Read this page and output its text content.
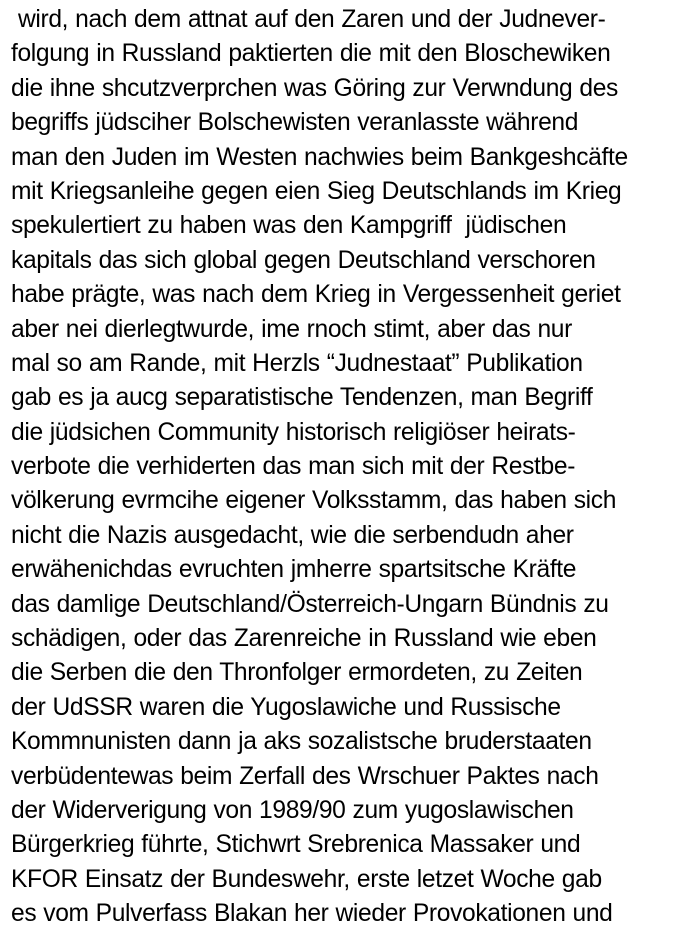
wird, nach dem attnat auf den Zaren und der Judnever-
folgung in Russland paktierten die mit den Bloschewiken
die ihne shcutzverprchen was Göring zur Verwndung des
begriffs jüdsciher Bolschewisten veranlasste während
man den Juden im Westen nachwies beim Bankgeshcäfte
mit Kriegsanleihe gegen eien Sieg Deutschlands im Krieg
spekulertiert zu haben was den Kampgriff  jüdischen
kapitals das sich global gegen Deutschland verschoren
habe prägte, was nach dem Krieg in Vergessenheit geriet
aber nei dierlegtwurde, ime rnoch stimt, aber das nur
mal so am Rande, mit Herzls “Judnestaat” Publikation
gab es ja aucg separatistische Tendenzen, man Begriff
die jüdsichen Community historisch religiöser heirats-
verbote die verhiderten das man sich mit der Restbe-
völkerung evrmcihe eigener Volksstamm, das haben sich
nicht die Nazis ausgedacht, wie die serbendudn aher
erwähenichdas evruchten jmherre spartsitsche Kräfte
das damlige Deutschland/Österreich-Ungarn Bündnis zu
schädigen, oder das Zarenreiche in Russland wie eben
die Serben die den Thronfolger ermordeten, zu Zeiten
der UdSSR waren die Yugoslawiche und Russische
Kommnunisten dann ja aks sozalistsche bruderstaaten
verbüdentewas beim Zerfall des Wrschuer Paktes nach
der Widerverigung von 1989/90 zum yugoslawischen
Bürgerkrieg führte, Stichwrt Srebrenica Massaker und
KFOR Einsatz der Bundeswehr, erste letzet Woche gab
es vom Pulverfass Blakan her wieder Provokationen und
